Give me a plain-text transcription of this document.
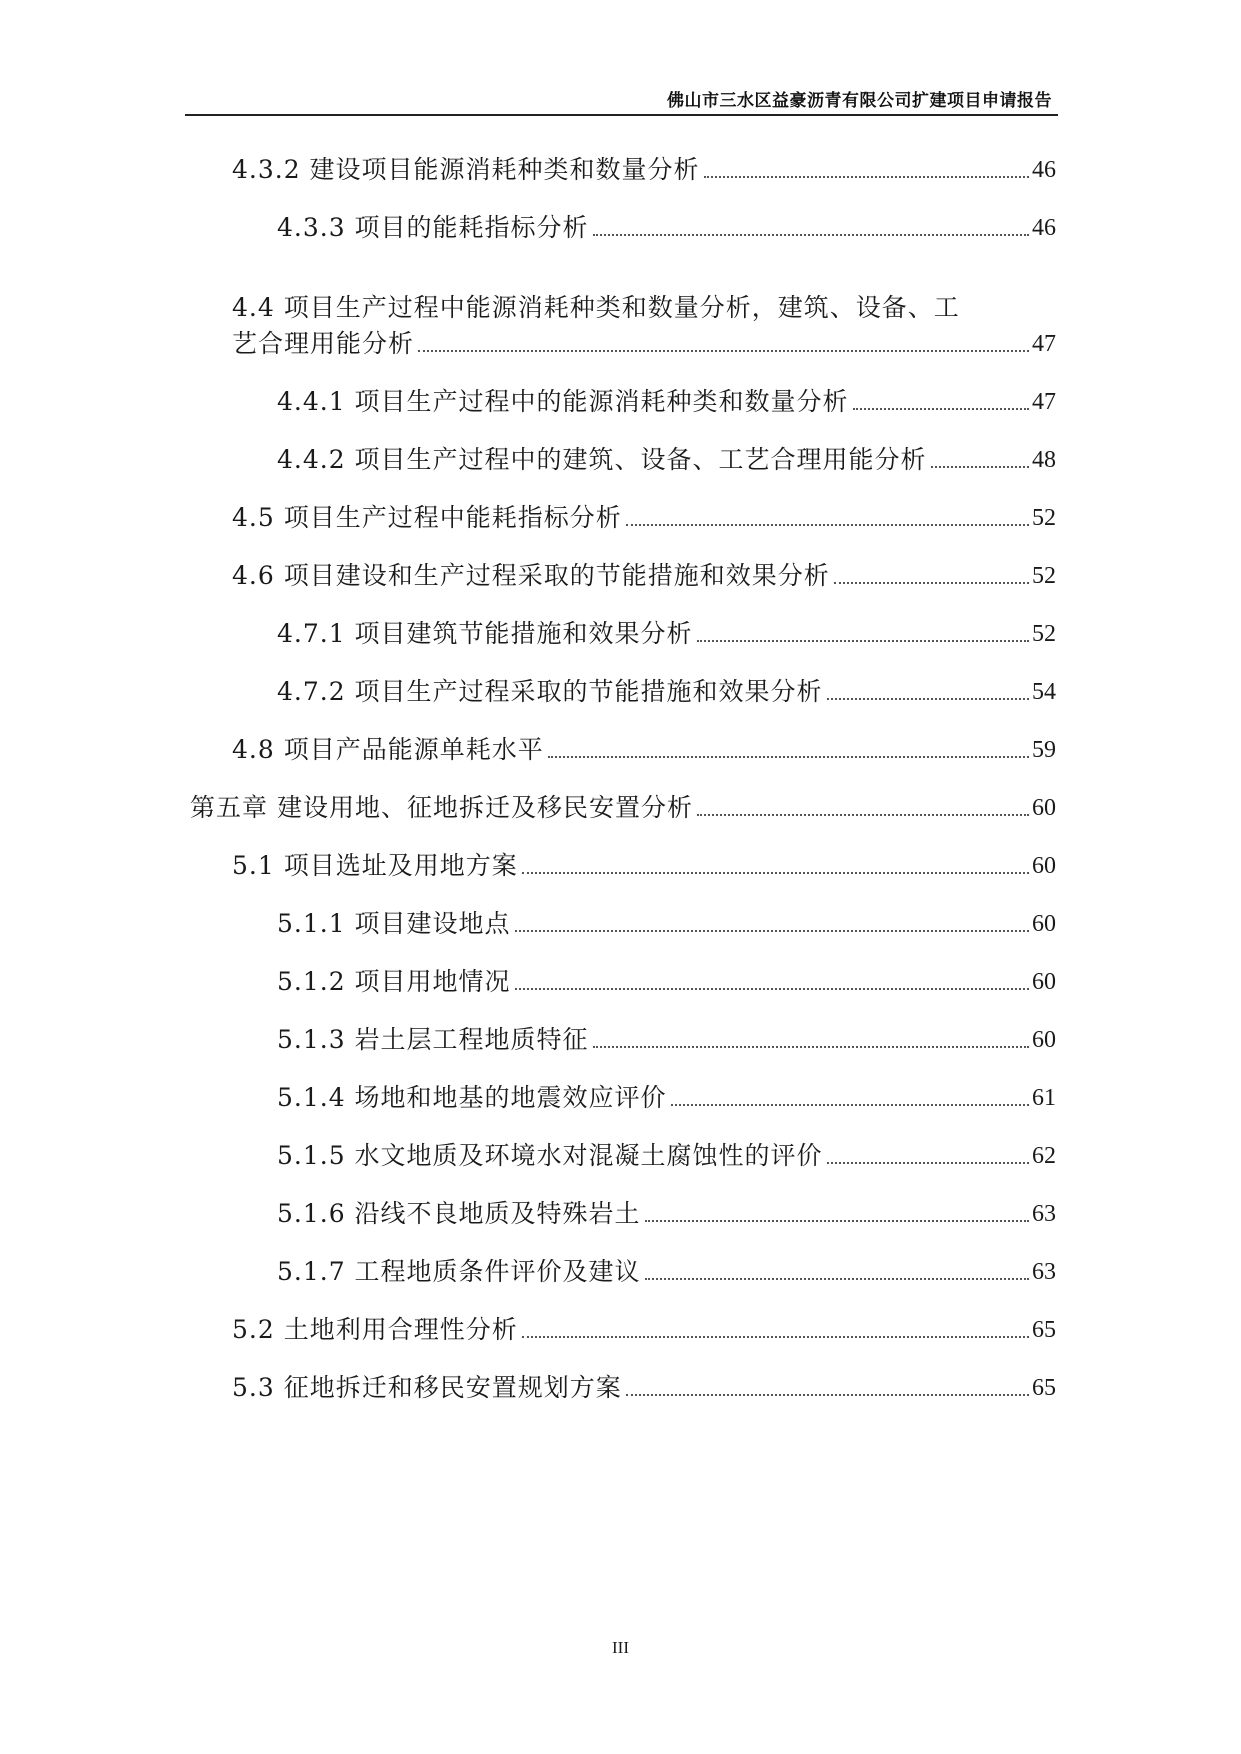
佛山市三水区益豪沥青有限公司扩建项目申请报告
4.3.2 建设项目能源消耗种类和数量分析	46
4.3.3 项目的能耗指标分析	46
4.4 项目生产过程中能源消耗种类和数量分析，建筑、设备、工
艺合理用能分析	47
4.4.1 项目生产过程中的能源消耗种类和数量分析	47
4.4.2 项目生产过程中的建筑、设备、工艺合理用能分析	48
4.5 项目生产过程中能耗指标分析	52
4.6 项目建设和生产过程采取的节能措施和效果分析	52
4.7.1 项目建筑节能措施和效果分析	52
4.7.2 项目生产过程采取的节能措施和效果分析	54
4.8 项目产品能源单耗水平	59
第五章 建设用地、征地拆迁及移民安置分析	60
5.1 项目选址及用地方案	60
5.1.1 项目建设地点	60
5.1.2 项目用地情况	60
5.1.3 岩土层工程地质特征	60
5.1.4 场地和地基的地震效应评价	61
5.1.5 水文地质及环境水对混凝土腐蚀性的评价	62
5.1.6 沿线不良地质及特殊岩土	63
5.1.7 工程地质条件评价及建议	63
5.2 土地利用合理性分析	65
5.3 征地拆迁和移民安置规划方案	65
III
